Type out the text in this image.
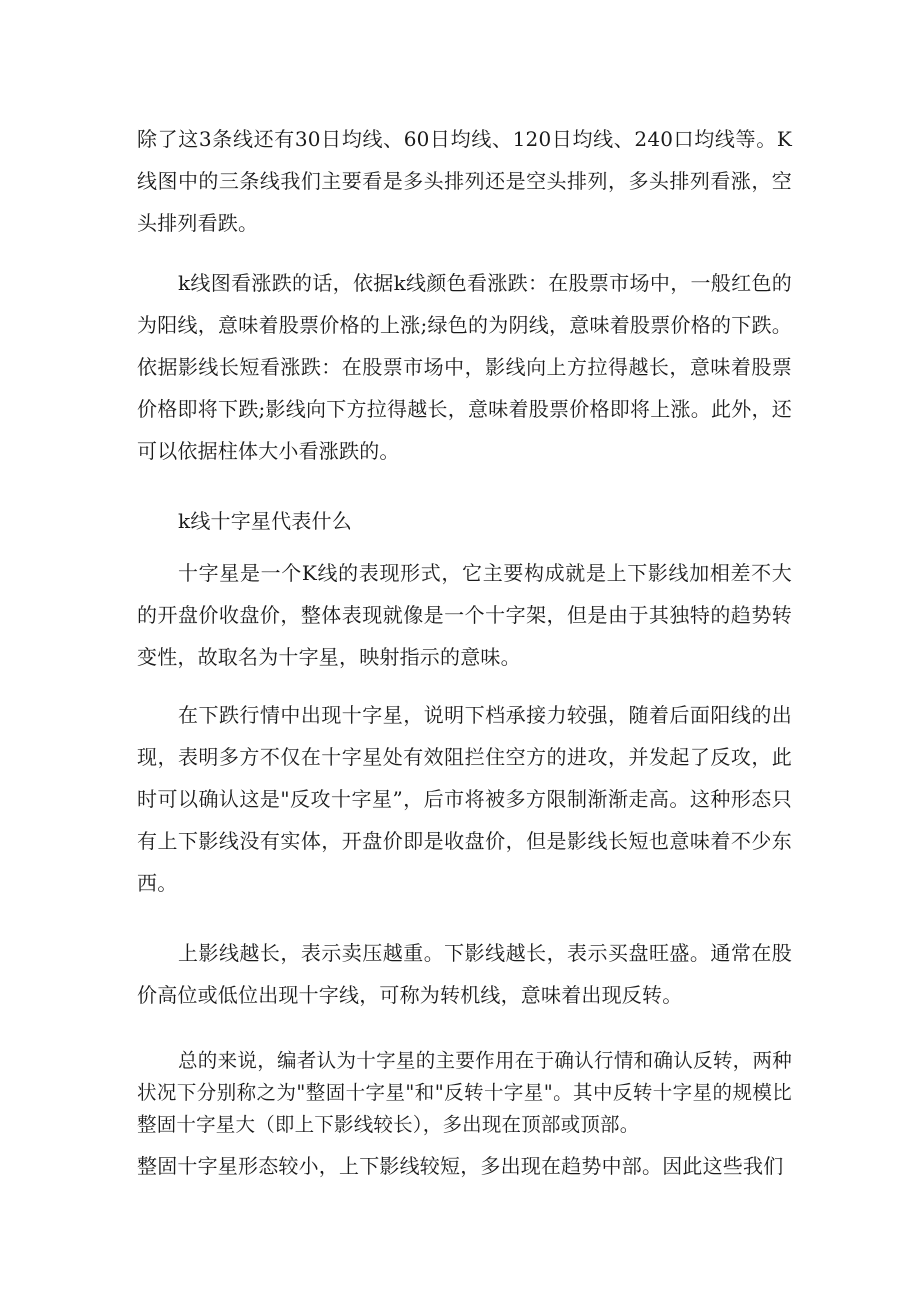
除了这3条线还有30日均线、60日均线、120日均线、240口均线等。K线图中的三条线我们主要看是多头排列还是空头排列，多头排列看涨，空头排列看跌。

k线图看涨跌的话，依据k线颜色看涨跌：在股票市场中，一般红色的为阳线，意味着股票价格的上涨;绿色的为阴线，意味着股票价格的下跌。依据影线长短看涨跌：在股票市场中，影线向上方拉得越长，意味着股票价格即将下跌;影线向下方拉得越长，意味着股票价格即将上涨。此外，还可以依据柱体大小看涨跌的。

k线十字星代表什么

十字星是一个K线的表现形式，它主要构成就是上下影线加相差不大的开盘价收盘价，整体表现就像是一个十字架，但是由于其独特的趋势转变性，故取名为十字星，映射指示的意味。

在下跌行情中出现十字星，说明下档承接力较强，随着后面阳线的出现，表明多方不仅在十字星处有效阻拦住空方的进攻，并发起了反攻，此时可以确认这是"反攻十字星”，后市将被多方限制渐渐走高。这种形态只有上下影线没有实体，开盘价即是收盘价，但是影线长短也意味着不少东西。

上影线越长，表示卖压越重。下影线越长，表示买盘旺盛。通常在股价高位或低位出现十字线，可称为转机线，意味着出现反转。

总的来说，编者认为十字星的主要作用在于确认行情和确认反转，两种状况下分别称之为"整固十字星"和"反转十字星"。其中反转十字星的规模比整固十字星大（即上下影线较长），多出现在顶部或顶部。

整固十字星形态较小，上下影线较短，多出现在趋势中部。因此这些我们
